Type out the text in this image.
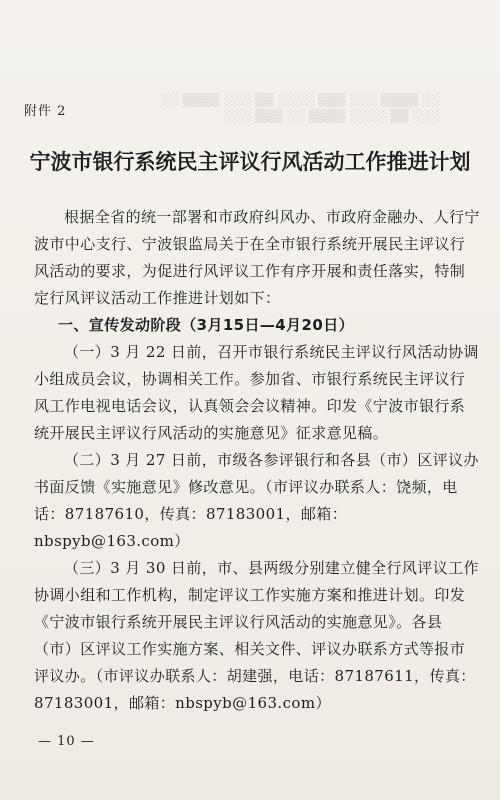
░░ ▒▒▒▒ ░░░ ▒▒▒ ░░░░ ▒▒ ░░░ ▒▒▒▒ ░░
░░░ ▒▒ ░░░░ ▒▒▒▒ ░░ ▒▒▒ ░░░
附件 2
宁波市银行系统民主评议行风活动工作推进计划

根据全省的统一部署和市政府纠风办、市政府金融办、人行宁波市中心支行、宁波银监局关于在全市银行系统开展民主评议行风活动的要求，为促进行风评议工作有序开展和责任落实，特制定行风评议活动工作推进计划如下：

一、宣传发动阶段（3月15日—4月20日）

（一）3 月 22 日前，召开市银行系统民主评议行风活动协调小组成员会议，协调相关工作。参加省、市银行系统民主评议行风工作电视电话会议，认真领会会议精神。印发《宁波市银行系统开展民主评议行风活动的实施意见》征求意见稿。

（二）3 月 27 日前，市级各参评银行和各县（市）区评议办书面反馈《实施意见》修改意见。（市评议办联系人：饶频，电话：87187610，传真：87183001，邮箱：nbspyb@163.com）

（三）3 月 30 日前，市、县两级分别建立健全行风评议工作协调小组和工作机构，制定评议工作实施方案和推进计划。印发《宁波市银行系统开展民主评议行风活动的实施意见》。各县（市）区评议工作实施方案、相关文件、评议办联系方式等报市评议办。（市评议办联系人：胡建强，电话：87187611，传真：87183001，邮箱：nbspyb@163.com）

— 10 —
